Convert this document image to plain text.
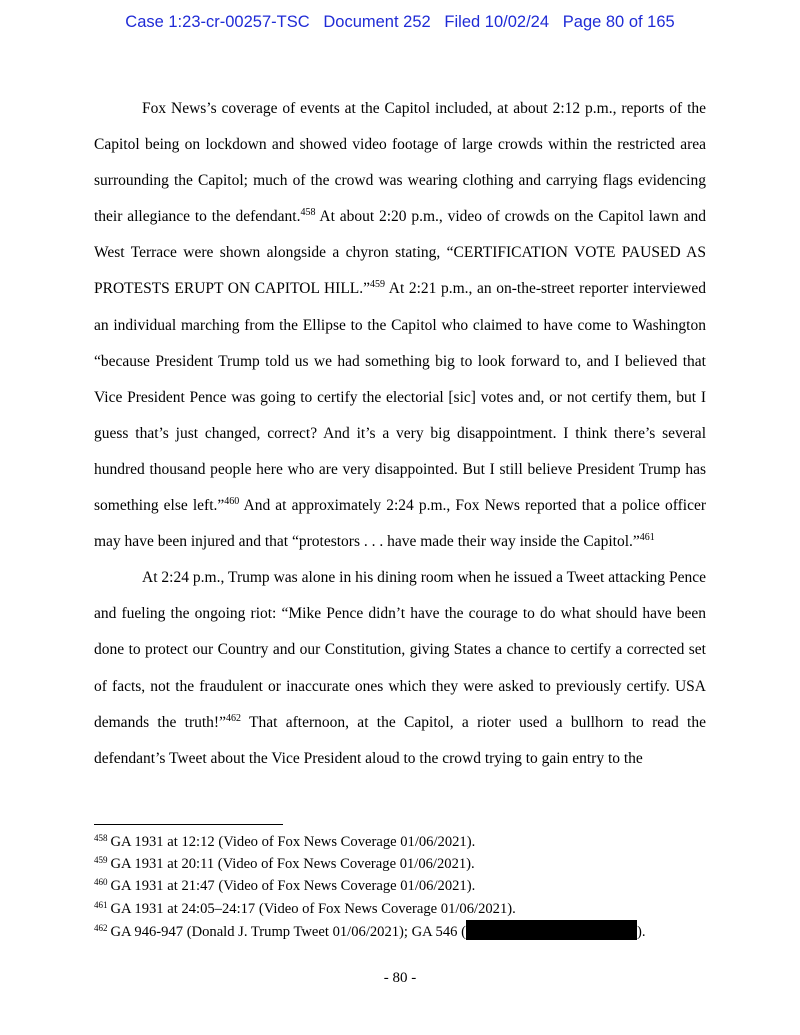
Case 1:23-cr-00257-TSC   Document 252   Filed 10/02/24   Page 80 of 165

Fox News’s coverage of events at the Capitol included, at about 2:12 p.m., reports of the Capitol being on lockdown and showed video footage of large crowds within the restricted area surrounding the Capitol; much of the crowd was wearing clothing and carrying flags evidencing their allegiance to the defendant.$^{458}$ At about 2:20 p.m., video of crowds on the Capitol lawn and West Terrace were shown alongside a chyron stating, “CERTIFICATION VOTE PAUSED AS PROTESTS ERUPT ON CAPITOL HILL.”$^{459}$ At 2:21 p.m., an on-the-street reporter interviewed an individual marching from the Ellipse to the Capitol who claimed to have come to Washington “because President Trump told us we had something big to look forward to, and I believed that Vice President Pence was going to certify the electorial [sic] votes and, or not certify them, but I guess that’s just changed, correct? And it’s a very big disappointment. I think there’s several hundred thousand people here who are very disappointed. But I still believe President Trump has something else left.”$^{460}$ And at approximately 2:24 p.m., Fox News reported that a police officer may have been injured and that “protestors . . . have made their way inside the Capitol.”$^{461}$

At 2:24 p.m., Trump was alone in his dining room when he issued a Tweet attacking Pence and fueling the ongoing riot: “Mike Pence didn’t have the courage to do what should have been done to protect our Country and our Constitution, giving States a chance to certify a corrected set of facts, not the fraudulent or inaccurate ones which they were asked to previously certify. USA demands the truth!”$^{462}$ That afternoon, at the Capitol, a rioter used a bullhorn to read the defendant’s Tweet about the Vice President aloud to the crowd trying to gain entry to the

$^{458}$ GA 1931 at 12:12 (Video of Fox News Coverage 01/06/2021).
$^{459}$ GA 1931 at 20:11 (Video of Fox News Coverage 01/06/2021).
$^{460}$ GA 1931 at 21:47 (Video of Fox News Coverage 01/06/2021).
$^{461}$ GA 1931 at 24:05–24:17 (Video of Fox News Coverage 01/06/2021).
$^{462}$ GA 946-947 (Donald J. Trump Tweet 01/06/2021); GA 546 (	).
- 80 -
